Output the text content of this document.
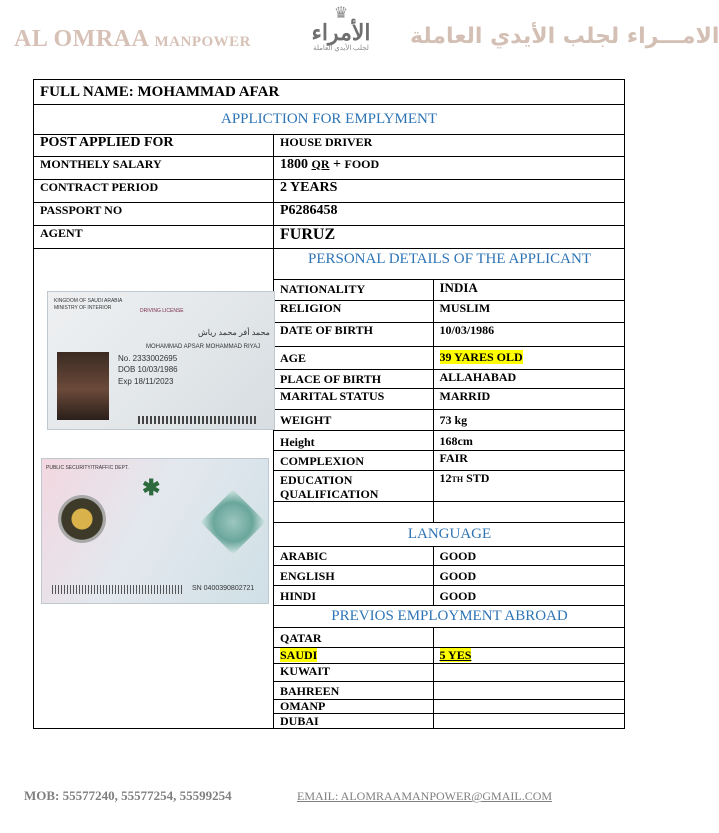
AL OMRAA MANPOWER
♛
الأمراء
لجلب الأيدي العاملة	الامـــراء لجلب الأيدي العاملة
FULL NAME: MOHAMMAD AFAR
APPLICTION FOR EMPLYMENT
POST APPLIED FOR	HOUSE DRIVER
MONTHELY SALARY	1800 QR + FOOD
CONTRACT PERIOD	2 YEARS
PASSPORT NO	P6286458
AGENT	FURUZ

KINGDOM OF SAUDI ARABIA
MINISTRY OF INTERIOR	DRIVING LICENSE
محمد أفر محمد رياش
MOHAMMAD APSAR MOHAMMAD RIYAJ
No. 2333002695
DOB 10/03/1986
Exp 18/11/2023
PUBLIC SECURITY/TRAFFIC DEPT.
✱
SN 0400390802721

PERSONAL DETAILS OF THE APPLICANT
NATIONALITY	INDIA
RELIGION	MUSLIM
DATE OF BIRTH	10/03/1986
AGE	39 YARES OLD
PLACE OF BIRTH	ALLAHABAD
MARITAL STATUS	MARRID
WEIGHT	73 kg
Height	168cm
COMPLEXION	FAIR
EDUCATION QUALIFICATION	12TH STD

LANGUAGE
ARABIC	GOOD
ENGLISH	GOOD
HINDI	GOOD
PREVIOS EMPLOYMENT ABROAD
QATAR	
SAUDI	5 YES
KUWAIT	
BAHREEN	
OMANP	
DUBAI	
MOB: 55577240, 55577254, 55599254	EMAIL: ALOMRAAMANPOWER@GMAIL.COM
